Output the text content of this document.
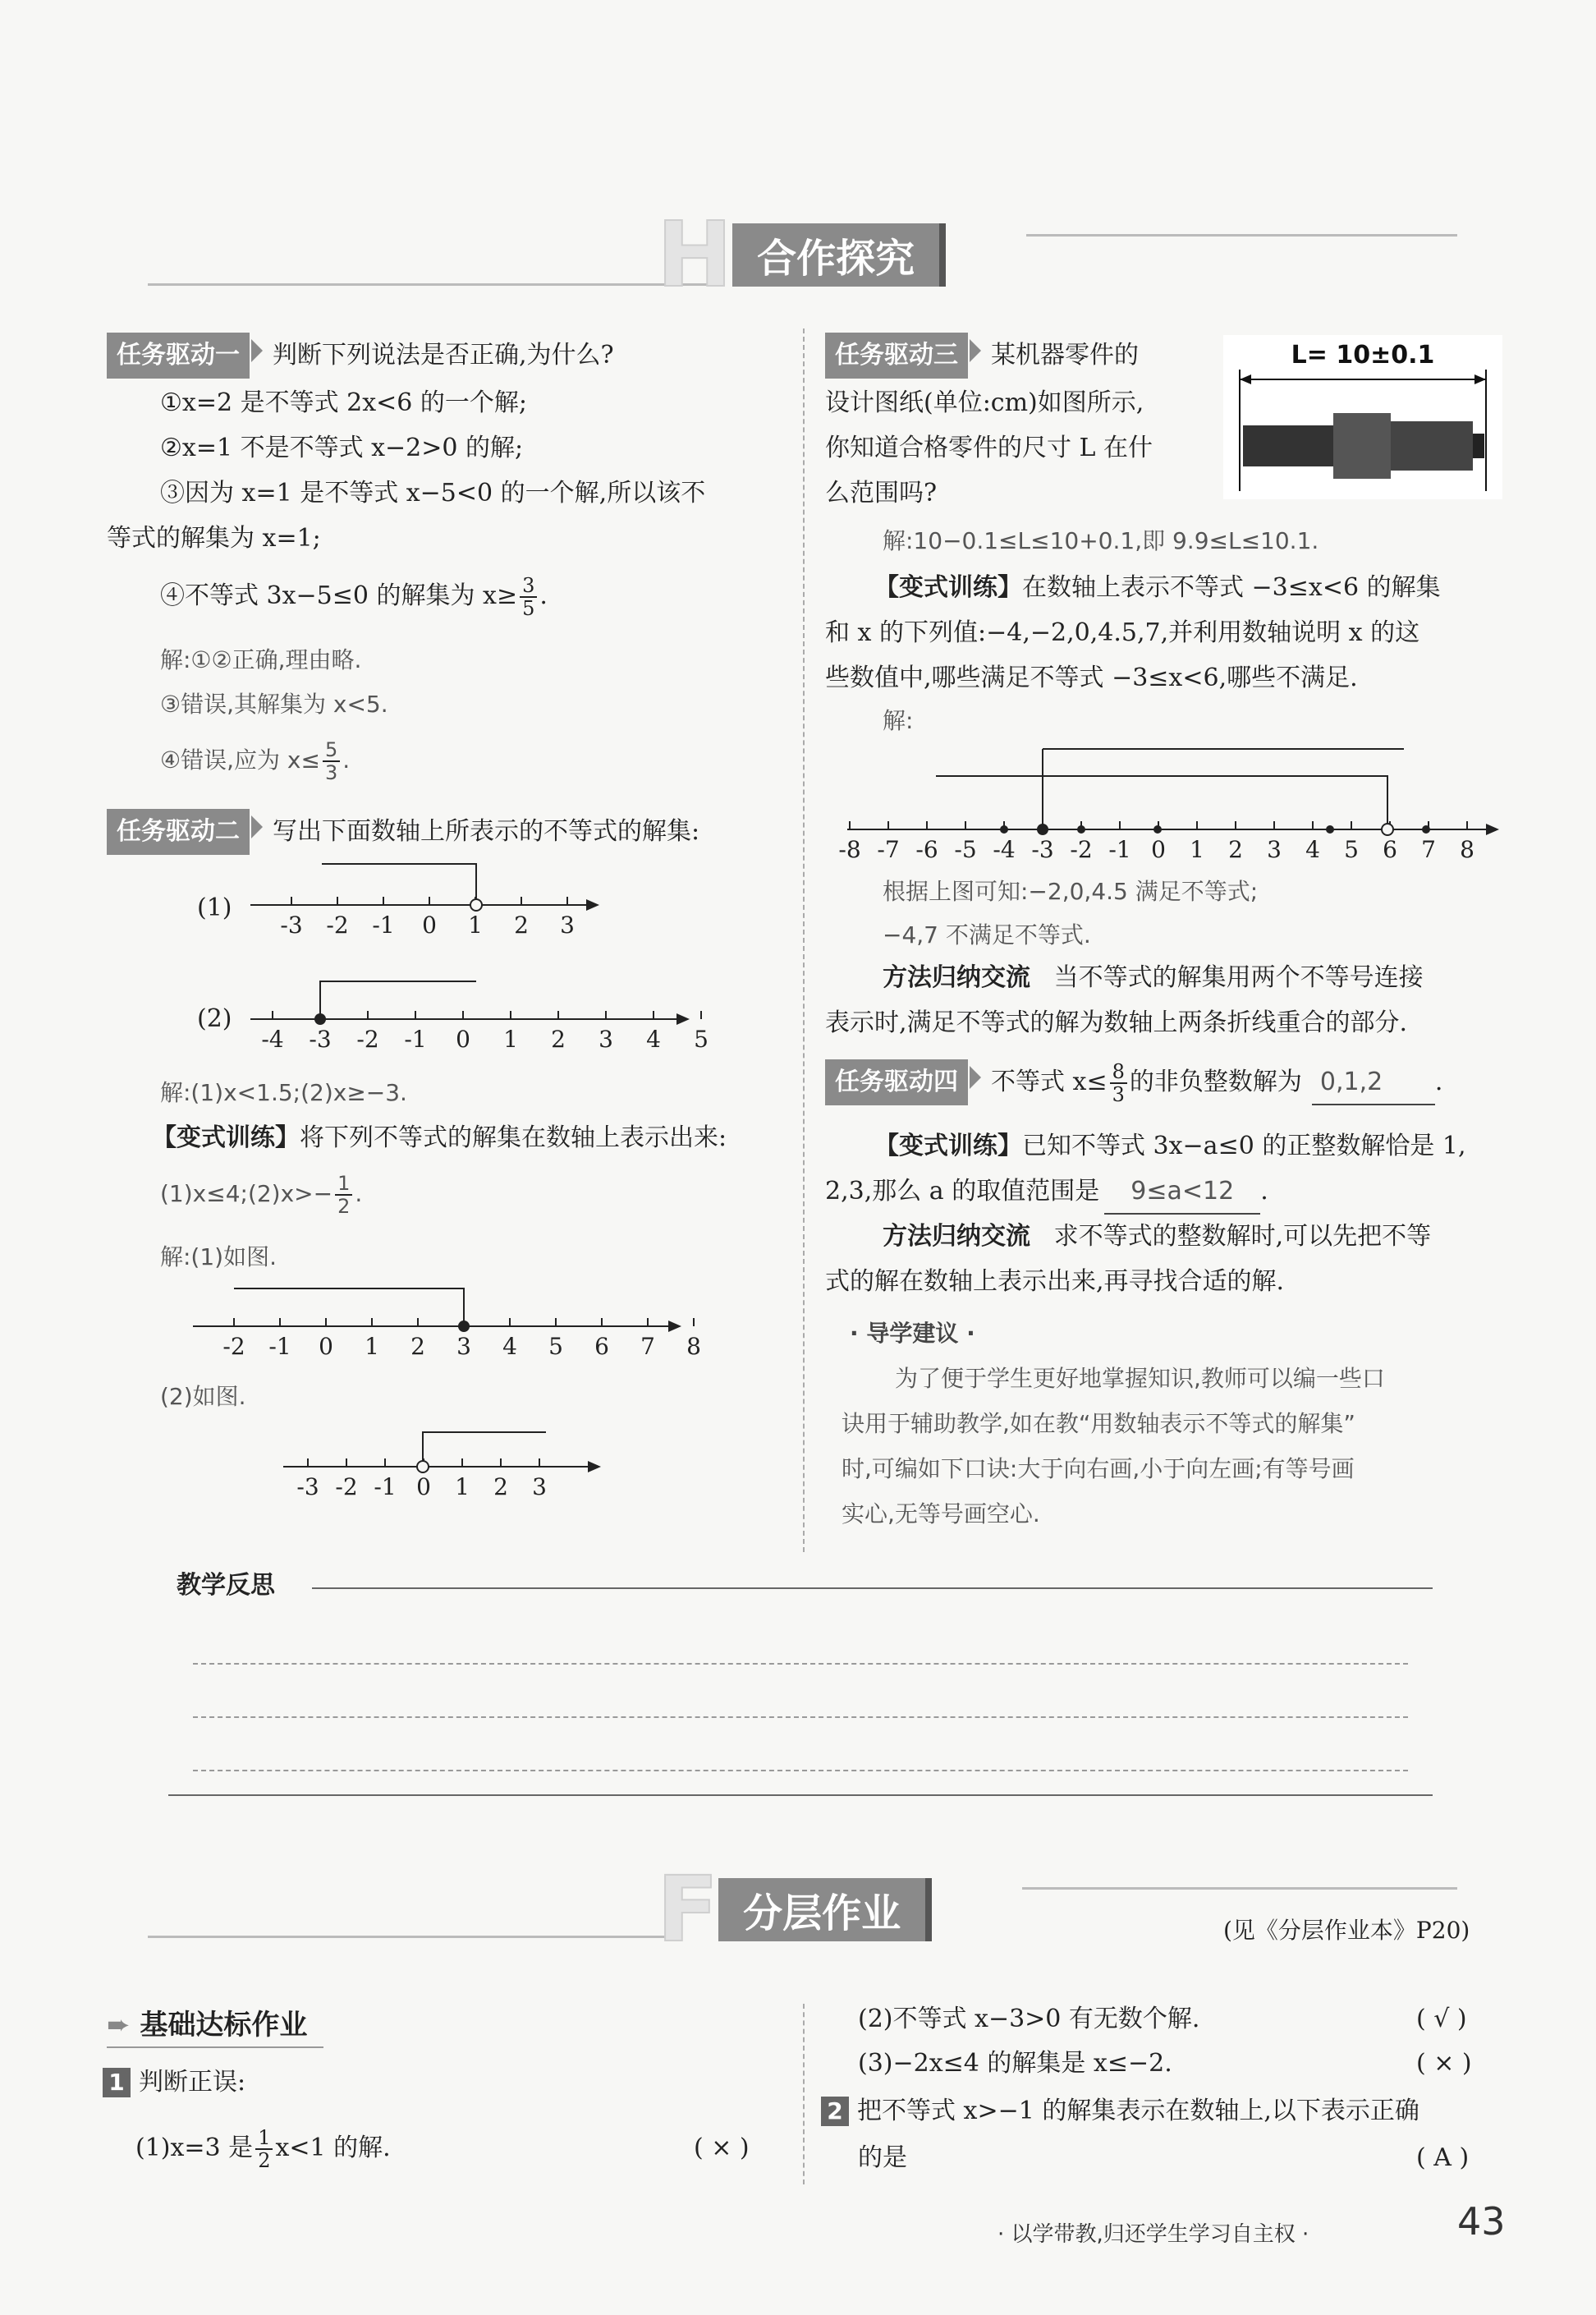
H 合作探究
任务驱动一 判断下列说法是否正确,为什么?
①x=2 是不等式 2x<6 的一个解;
②x=1 不是不等式 x−2>0 的解;
③因为 x=1 是不等式 x−5<0 的一个解,所以该不
等式的解集为 x=1;
④不等式 3x−5≤0 的解集为 $x\ge \frac{3}{5}$ .
解:①②正确,理由略.
③错误,其解集为 x<5.
④错误,应为 $x\le \frac{5}{3}$ .
任务驱动二 写出下面数轴上所表示的不等式的解集:
(1)
-3 -2 -1 0 1 2 3
(2)
-4 -3 -2 -1 0 1 2 3 4 5
解:(1)x<1.5;(2)x≥−3.
【变式训练】将下列不等式的解集在数轴上表示出来:
(1)x≤4;(2)x>− $\frac{1}{2}$ .
解:(1)如图.
-2 -1 0 1 2 3 4 5 6 7 8
(2)如图.
-3 -2 -1 0 1 2 3
任务驱动三 某机器零件的
设计图纸(单位:cm)如图所示,
你知道合格零件的尺寸 L 在什
么范围吗?
L= 10±0.1
解:10−0.1≤L≤10+0.1,即 9.9≤L≤10.1.
【变式训练】在数轴上表示不等式 −3≤x<6 的解集
和 x 的下列值:−4,−2,0,4.5,7,并利用数轴说明 x 的这
些数值中,哪些满足不等式 −3≤x<6,哪些不满足.
解:
-8 -7 -6 -5 -4 -3 -2 -1 0 1 2 3 4 5 6 7 8
根据上图可知:−2,0,4.5 满足不等式;
−4,7 不满足不等式.
方法归纳交流 当不等式的解集用两个不等号连接
表示时,满足不等式的解为数轴上两条折线重合的部分.
任务驱动四 不等式 $x\le \frac{8}{3}$ 的非负整数解为 0,1,2 .
【变式训练】已知不等式 3x−a≤0 的正整数解恰是 1,
2,3,那么 a 的取值范围是 9≤a<12 .
方法归纳交流 求不等式的整数解时,可以先把不等
式的解在数轴上表示出来,再寻找合适的解.
· 导学建议 ·
为了便于学生更好地掌握知识,教师可以编一些口
诀用于辅助教学,如在教“用数轴表示不等式的解集”
时,可编如下口诀:大于向右画,小于向左画;有等号画
实心,无等号画空心.
教学反思
F 分层作业	(见《分层作业本》P20)
➨ 基础达标作业
1 判断正误:
(1)x=3 是 $\frac{1}{2} x<1$ 的解.	( × )
(2)不等式 x−3>0 有无数个解.	( √ )
(3)−2x≤4 的解集是 x≤−2.	( × )
2 把不等式 x>−1 的解集表示在数轴上,以下表示正确
的是	( A )
· 以学带教,归还学生学习自主权 ·	43
